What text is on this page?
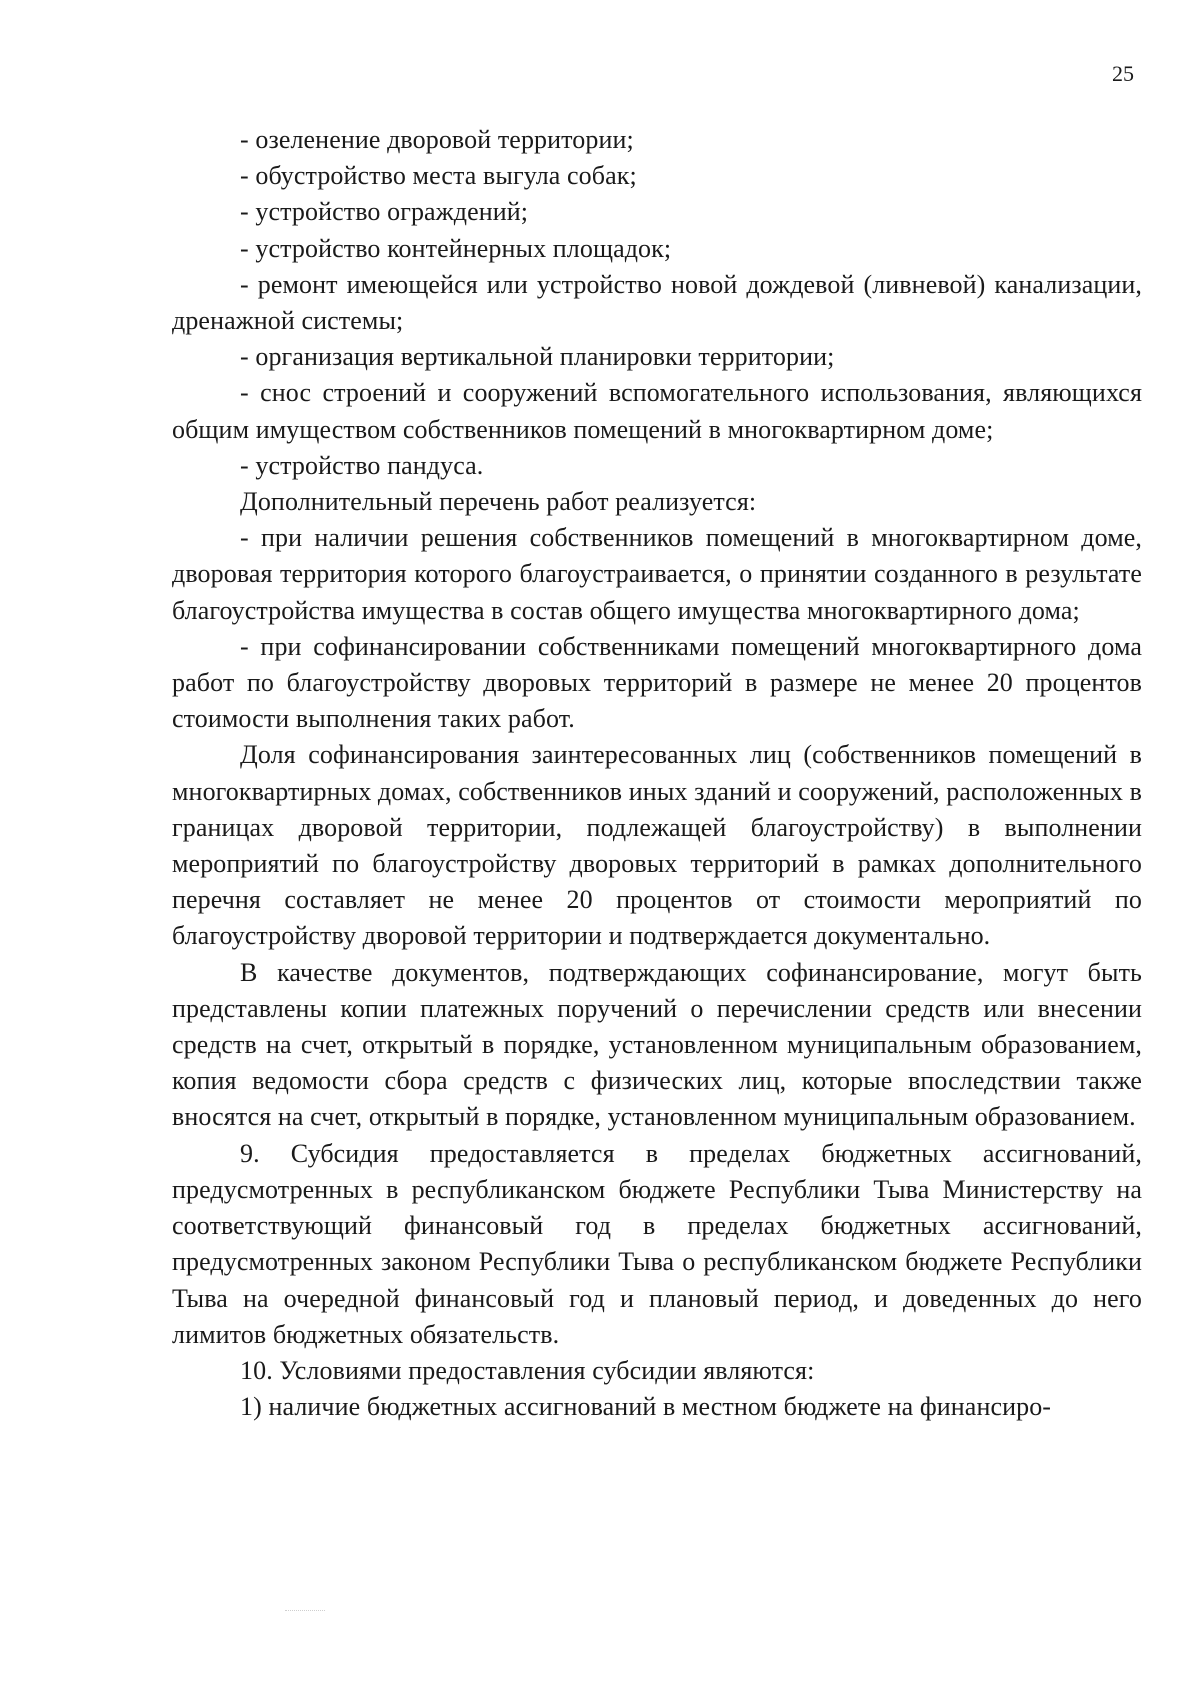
25

- озеленение дворовой территории;

- обустройство места выгула собак;

- устройство ограждений;

- устройство контейнерных площадок;

- ремонт имеющейся или устройство новой дождевой (ливневой) канализации, дренажной системы;

- организация вертикальной планировки территории;

- снос строений и сооружений вспомогательного использования, являющихся общим имуществом собственников помещений в многоквартирном доме;

- устройство пандуса.

Дополнительный перечень работ реализуется:

- при наличии решения собственников помещений в многоквартирном доме, дворовая территория которого благоустраивается, о принятии созданного в результате благоустройства имущества в состав общего имущества многоквартирного дома;

- при софинансировании собственниками помещений многоквартирного дома работ по благоустройству дворовых территорий в размере не менее 20 процентов стоимости выполнения таких работ.

Доля софинансирования заинтересованных лиц (собственников помещений в многоквартирных домах, собственников иных зданий и сооружений, расположенных в границах дворовой территории, подлежащей благоустройству) в выполнении мероприятий по благоустройству дворовых территорий в рамках дополнительного перечня составляет не менее 20 процентов от стоимости мероприятий по благоустройству дворовой территории и подтверждается документально.

В качестве документов, подтверждающих софинансирование, могут быть представлены копии платежных поручений о перечислении средств или внесении средств на счет, открытый в порядке, установленном муниципальным образованием, копия ведомости сбора средств с физических лиц, которые впоследствии также вносятся на счет, открытый в порядке, установленном муниципальным образованием.

9. Субсидия предоставляется в пределах бюджетных ассигнований, предусмотренных в республиканском бюджете Республики Тыва Министерству на соответствующий финансовый год в пределах бюджетных ассигнований, предусмотренных законом Республики Тыва о республиканском бюджете Республики Тыва на очередной финансовый год и плановый период, и доведенных до него лимитов бюджетных обязательств.

10. Условиями предоставления субсидии являются:

1) наличие бюджетных ассигнований в местном бюджете на финансиро-
